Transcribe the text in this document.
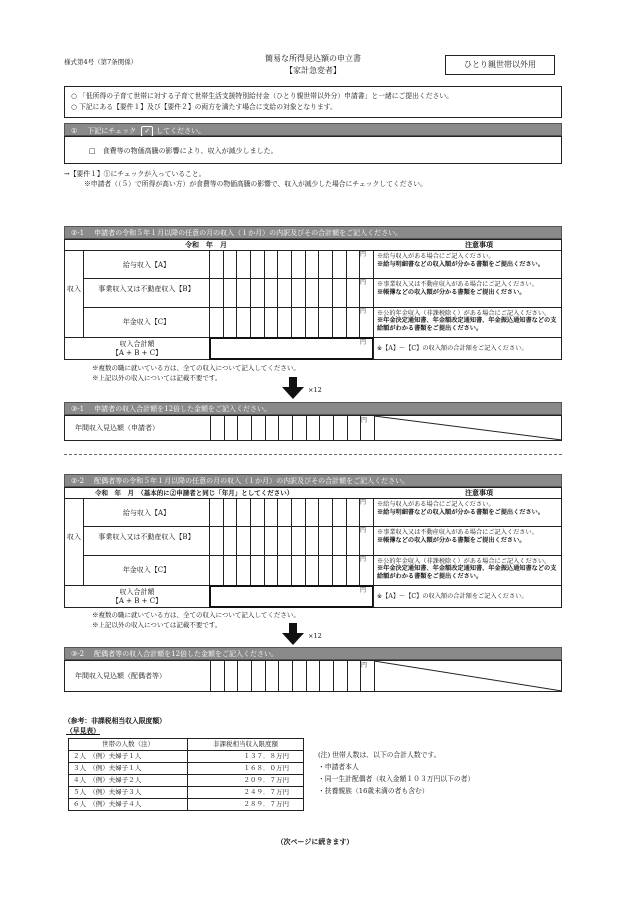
様式第4号（第7条関係）	簡易な所得見込額の申立書
【家計急変者】
ひとり親世帯以外用
○ 「低所得の子育て世帯に対する子育て世帯生活支援特別給付金（ひとり親世帯以外分）申請書」と一緒にご提出ください。
○ 下記にある【要件１】及び【要件２】の両方を満たす場合に支給の対象となります。
① 下記にチェック ✓ してください。
□　食費等の物価高騰の影響により、収入が減少しました。
→【要件１】①にチェックが入っていること。
※申請者（（５）で所得が高い方）が食費等の物価高騰の影響で、収入が減少した場合にチェックしてください。
②-1 申請者の令和５年１月以降の任意の月の収入（１か月）の内訳及びその合計額をご記入ください。
令和　年　月	注意事項
収入
給与収入【A】
円 ※給与収入がある場合にご記入ください。
※給与明細書などの収入額が分かる書類をご提出ください。
事業収入又は不動産収入【B】
円 ※事業収入又は不動産収入がある場合にご記入ください。
※帳簿などの収入額が分かる書類をご提出ください。
年金収入【C】
円 ※公的年金収入（非課税除く）がある場合にご記入ください。
※年金決定通知書、年金額改定通知書、年金振込通知書などの支給額がわかる書類をご提出ください。
収入合計額
【A + B + C】
円
※【A】～【C】の収入額の合計額をご記入ください。
※複数の職に就いている方は、全ての収入について記入してください。
※上記以外の収入については記載不要です。
×12
③-1 申請者の収入合計額を12倍した金額をご記入ください。
年間収入見込額（申請者）
円
②-2 配偶者等の令和５年１月以降の任意の月の収入（１か月）の内訳及びその合計額をご記入ください。
令和　年　月　（基本的に②申請者と同じ「年月」としてください）	注意事項
収入
給与収入【A】
円 ※給与収入がある場合にご記入ください。
※給与明細書などの収入額が分かる書類をご提出ください。
事業収入又は不動産収入【B】
円 ※事業収入又は不動産収入がある場合にご記入ください。
※帳簿などの収入額が分かる書類をご提出ください。
年金収入【C】
円 ※公的年金収入（非課税除く）がある場合にご記入ください。
※年金決定通知書、年金額改定通知書、年金振込通知書などの支給額がわかる書類をご提出ください。
収入合計額
【A + B + C】
円
※【A】～【C】の収入額の合計額をご記入ください。
※複数の職に就いている方は、全ての収入について記入してください。
※上記以外の収入については記載不要です。
×12
③-2 配偶者等の収入合計額を12倍した金額をご記入ください。
年間収入見込額（配偶者等）
円
（参考：非課税相当収入限度額）
（早見表）
世帯の人数（注）	非課税相当収入限度額
２人　（例）夫婦子１人	１３７．８万円
３人　（例）夫婦子１人	１６８．０万円
４人　（例）夫婦子２人	２０９．７万円
５人　（例）夫婦子３人	２４９．７万円
６人　（例）夫婦子４人	２８９．７万円
(注) 世帯人数は、以下の合計人数です。
・申請者本人
・同一生計配偶者（収入金額１０３万円以下の者）
・扶養親族（16歳未満の者も含む）
（次ページに続きます）
